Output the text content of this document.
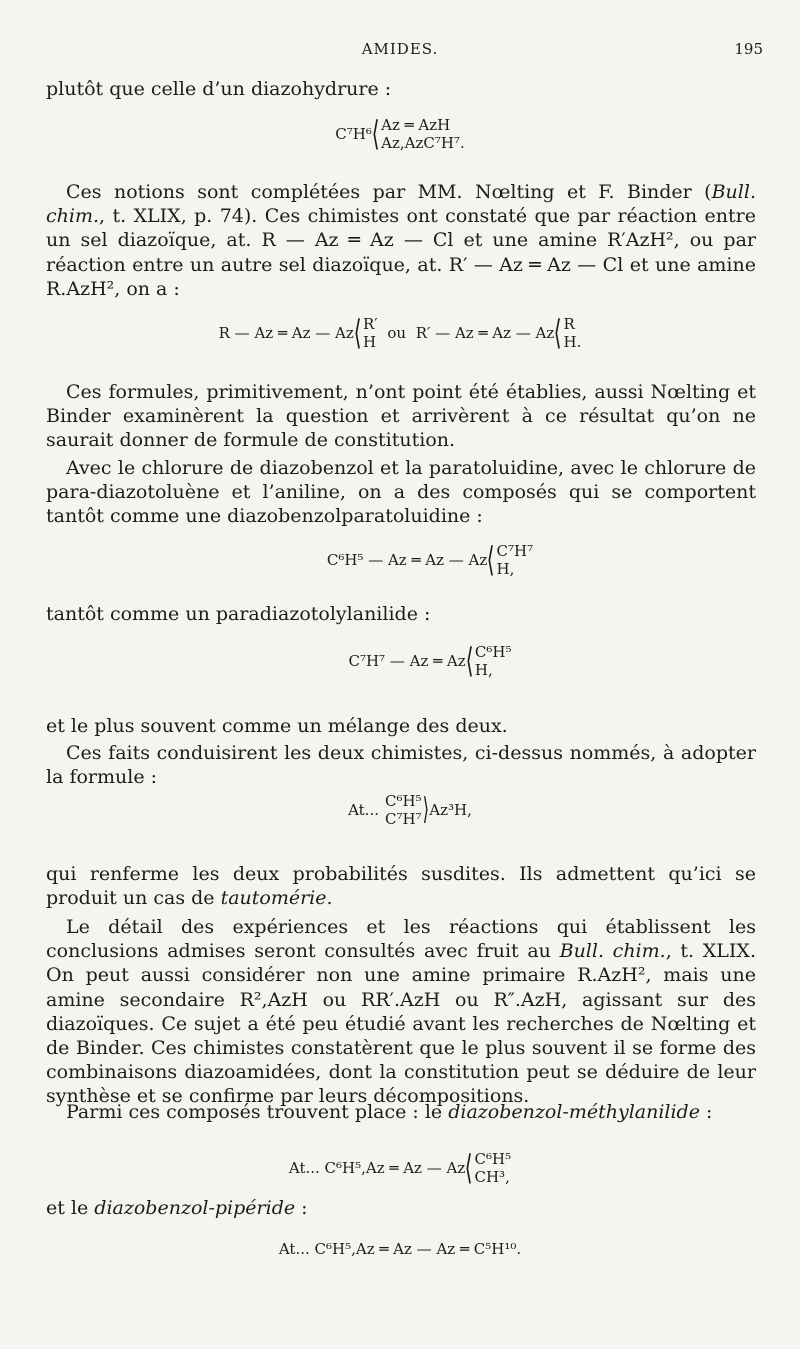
AMIDES.	195

plutôt que celle d’un diazohydrure :

C⁷H⁶ ⟨ Az ═ AzH
Az,AzC⁷H⁷.

Ces notions sont complétées par MM. Nœlting et F. Binder (Bull. chim., t. XLIX, p. 74). Ces chimistes ont constaté que par réaction entre un sel diazoïque, at. R — Az ═ Az — Cl et une amine R′AzH², ou par réaction entre un autre sel diazoïque, at. R′ — Az ═ Az — Cl et une amine R.AzH², on a :

R — Az ═ Az — Az ⟨ R′
H ou R′ — Az ═ Az — Az ⟨ R
H.

Ces formules, primitivement, n’ont point été établies, aussi Nœlting et Binder examinèrent la question et arrivèrent à ce résultat qu’on ne saurait donner de formule de constitution.

Avec le chlorure de diazobenzol et la paratoluidine, avec le chlorure de para-diazotoluène et l’aniline, on a des composés qui se comportent tantôt comme une diazobenzolparatoluidine :

C⁶H⁵ — Az ═ Az — Az ⟨ C⁷H⁷
H,

tantôt comme un paradiazotolylanilide :

C⁷H⁷ — Az ═ Az ⟨ C⁶H⁵
H,

et le plus souvent comme un mélange des deux.

Ces faits conduisirent les deux chimistes, ci-dessus nommés, à adopter la formule :

At... C⁶H⁵
C⁷H⁷ ⟩ Az³H,

qui renferme les deux probabilités susdites. Ils admettent qu’ici se produit un cas de tautomérie.

Le détail des expériences et les réactions qui établissent les conclusions admises seront consultés avec fruit au Bull. chim., t. XLIX. On peut aussi considérer non une amine primaire R.AzH², mais une amine secondaire R²,AzH ou RR′.AzH ou R″.AzH, agissant sur des diazoïques. Ce sujet a été peu étudié avant les recherches de Nœlting et de Binder. Ces chimistes constatèrent que le plus souvent il se forme des combinaisons diazoamidées, dont la constitution peut se déduire de leur synthèse et se confirme par leurs décompositions.

Parmi ces composés trouvent place : le diazobenzol-méthylanilide :

At... C⁶H⁵,Az ═ Az — Az ⟨ C⁶H⁵
CH³,

et le diazobenzol-pipéride :

At... C⁶H⁵,Az ═ Az — Az ═ C⁵H¹⁰.
